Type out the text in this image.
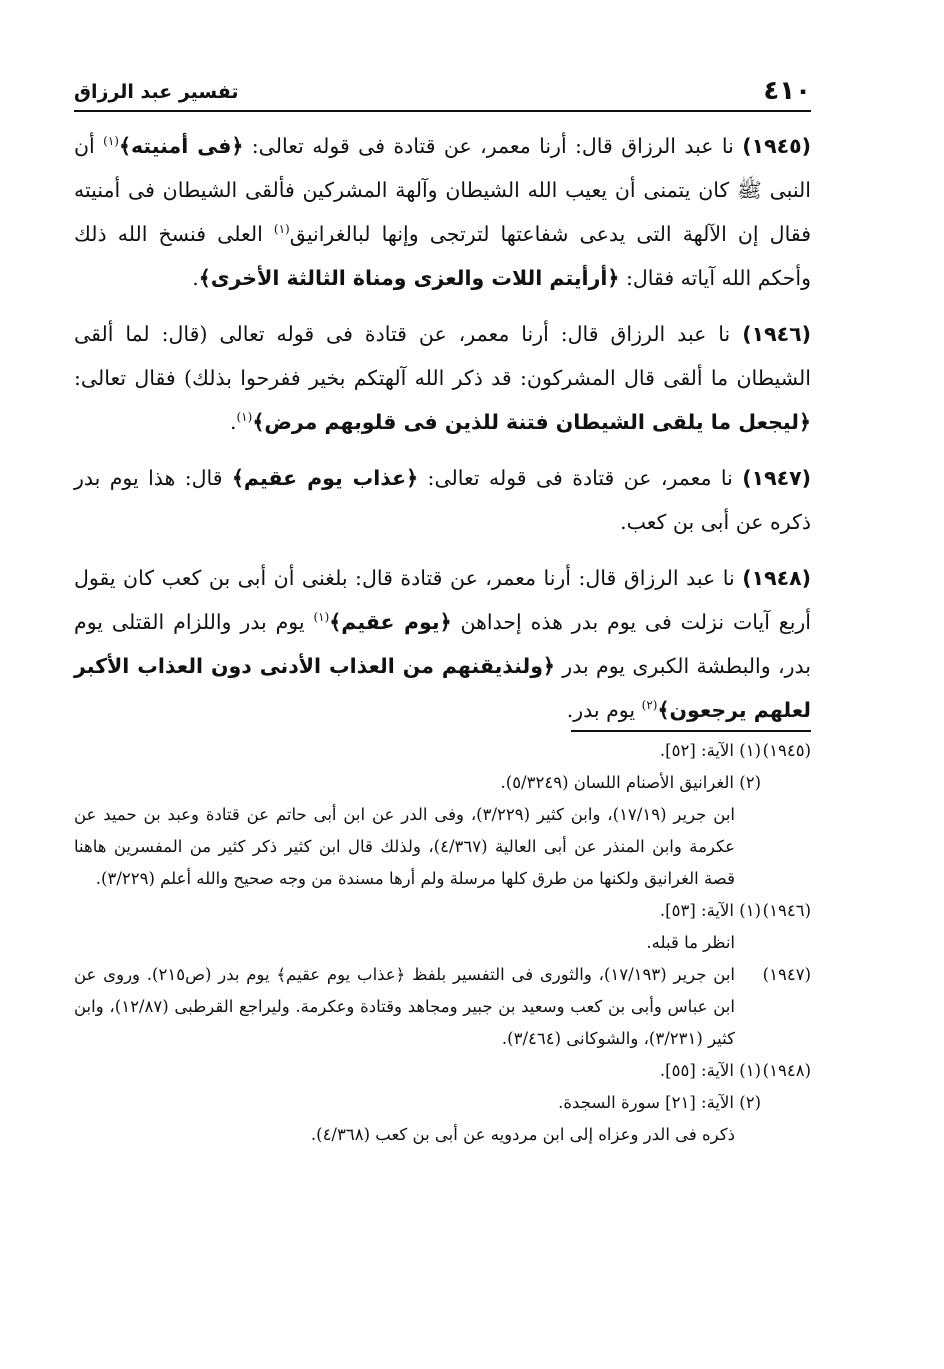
٤١٠
تفسير عبد الرزاق

(١٩٤٥) نا عبد الرزاق قال: أرنا معمر، عن قتادة فى قوله تعالى: ﴿فى أمنيته﴾$^{(١)}$ أن النبى ﷺ كان يتمنى أن يعيب الله الشيطان وآلهة المشركين فألقى الشيطان فى أمنيته فقال إن الآلهة التى يدعى شفاعتها لترتجى وإنها لبالغرانيق$^{(١)}$ العلى فنسخ الله ذلك وأحكم الله آياته فقال: ﴿أرأيتم اللات والعزى ومناة الثالثة الأخرى﴾.

(١٩٤٦) نا عبد الرزاق قال: أرنا معمر، عن قتادة فى قوله تعالى (قال: لما ألقى الشيطان ما ألقى قال المشركون: قد ذكر الله آلهتكم بخير ففرحوا بذلك) فقال تعالى: ﴿ليجعل ما يلقى الشيطان فتنة للذين فى قلوبهم مرض﴾$^{(١)}$.

(١٩٤٧) نا معمر، عن قتادة فى قوله تعالى: ﴿عذاب يوم عقيم﴾ قال: هذا يوم بدر ذكره عن أبى بن كعب.

(١٩٤٨) نا عبد الرزاق قال: أرنا معمر، عن قتادة قال: بلغنى أن أبى بن كعب كان يقول أربع آيات نزلت فى يوم بدر هذه إحداهن ﴿يوم عقيم﴾$^{(١)}$ يوم بدر واللزام القتلى يوم بدر، والبطشة الكبرى يوم بدر ﴿ولنذيقنهم من العذاب الأدنى دون العذاب الأكبر لعلهم يرجعون﴾$^{(٢)}$ يوم بدر.

(١٩٤٥)
(١) الآية: [٥٢].

(٢) الغرانيق الأصنام اللسان (٥/٣٢٤٩).

ابن جرير (١٧/١٩)، وابن كثير (٣/٢٢٩)، وفى الدر عن ابن أبى حاتم عن قتادة وعبد بن حميد عن عكرمة وابن المنذر عن أبى العالية (٤/٣٦٧)، ولذلك قال ابن كثير ذكر كثير من المفسرين هاهنا قصة الغرانيق ولكنها من طرق كلها مرسلة ولم أرها مسندة من وجه صحيح والله أعلم (٣/٢٢٩).

(١٩٤٦)
(١) الآية: [٥٣].

انظر ما قبله.

(١٩٤٧)
ابن جرير (١٧/١٩٣)، والثورى فى التفسير بلفظ ﴿عذاب يوم عقيم﴾ يوم بدر (ص٢١٥). وروى عن ابن عباس وأبى بن كعب وسعيد بن جبير ومجاهد وقتادة وعكرمة. وليراجع القرطبى (١٢/٨٧)، وابن كثير (٣/٢٣١)، والشوكانى (٣/٤٦٤).

(١٩٤٨)
(١) الآية: [٥٥].

(٢) الآية: [٢١] سورة السجدة.

ذكره فى الدر وعزاه إلى ابن مردويه عن أبى بن كعب (٤/٣٦٨).
